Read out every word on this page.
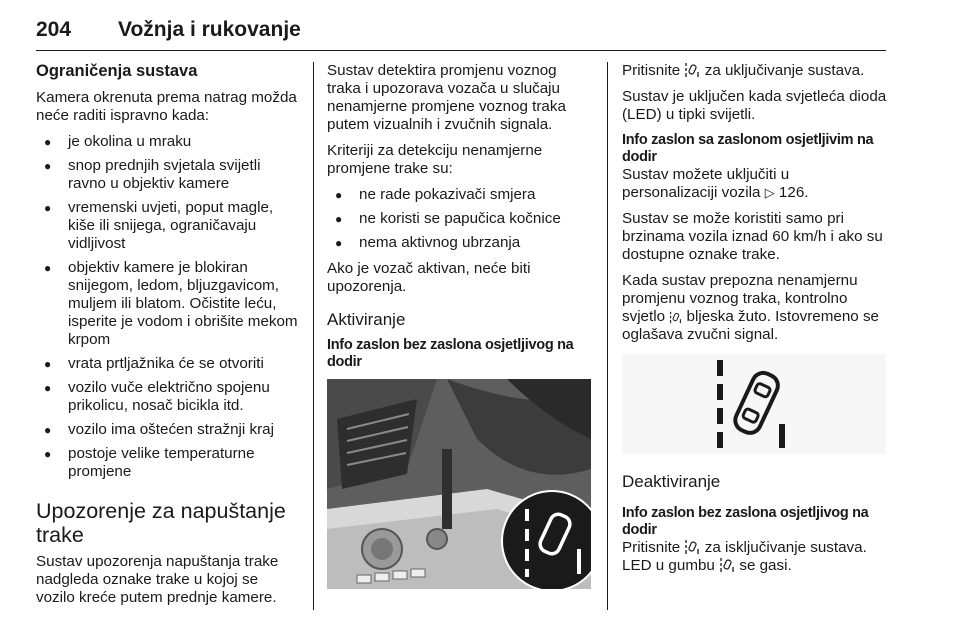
204 Vožnja i rukovanje
Ograničenja sustava

Kamera okrenuta prema natrag možda neće raditi ispravno kada:

● je okolina u mraku
● snop prednjih svjetala svijetli ravno u objektiv kamere
● vremenski uvjeti, poput magle, kiše ili snijega, ograničavaju vidljivost
● objektiv kamere je blokiran snijegom, ledom, bljuzgavicom, muljem ili blatom. Očistite leću, isperite je vodom i obrišite mekom krpom
● vrata prtljažnika će se otvoriti
● vozilo vuče električno spojenu prikolicu, nosač bicikla itd.
● vozilo ima oštećen stražnji kraj
● postoje velike temperaturne promjene
Upozorenje za napuštanje trake

Sustav upozorenja napuštanja trake nadgleda oznake trake u kojoj se vozilo kreće putem prednje kamere.

Sustav detektira promjenu voznog traka i upozorava vozača u slučaju nenamjerne promjene voznog traka putem vizualnih i zvučnih signala.

Kriteriji za detekciju nenamjerne promjene trake su:

● ne rade pokazivači smjera
● ne koristi se papučica kočnice
● nema aktivnog ubrzanja

Ako je vozač aktivan, neće biti upozorenja.

Aktiviranje
Info zaslon bez zaslona osjetljivog na dodir

Pritisnite za uključivanje sustava.

Sustav je uključen kada svjetleća dioda (LED) u tipki svijetli.

Info zaslon sa zaslonom osjetljivim na dodir

Sustav možete uključiti u personalizaciji vozila ▷ 126.

Sustav se može koristiti samo pri brzinama vozila iznad 60 km/h i ako su dostupne oznake trake.

Kada sustav prepozna nenamjernu promjenu voznog traka, kontrolno svjetlo bljeska žuto. Istovremeno se oglašava zvučni signal.

Deaktiviranje
Info zaslon bez zaslona osjetljivog na dodir

Pritisnite za isključivanje sustava.

LED u gumbu se gasi.
